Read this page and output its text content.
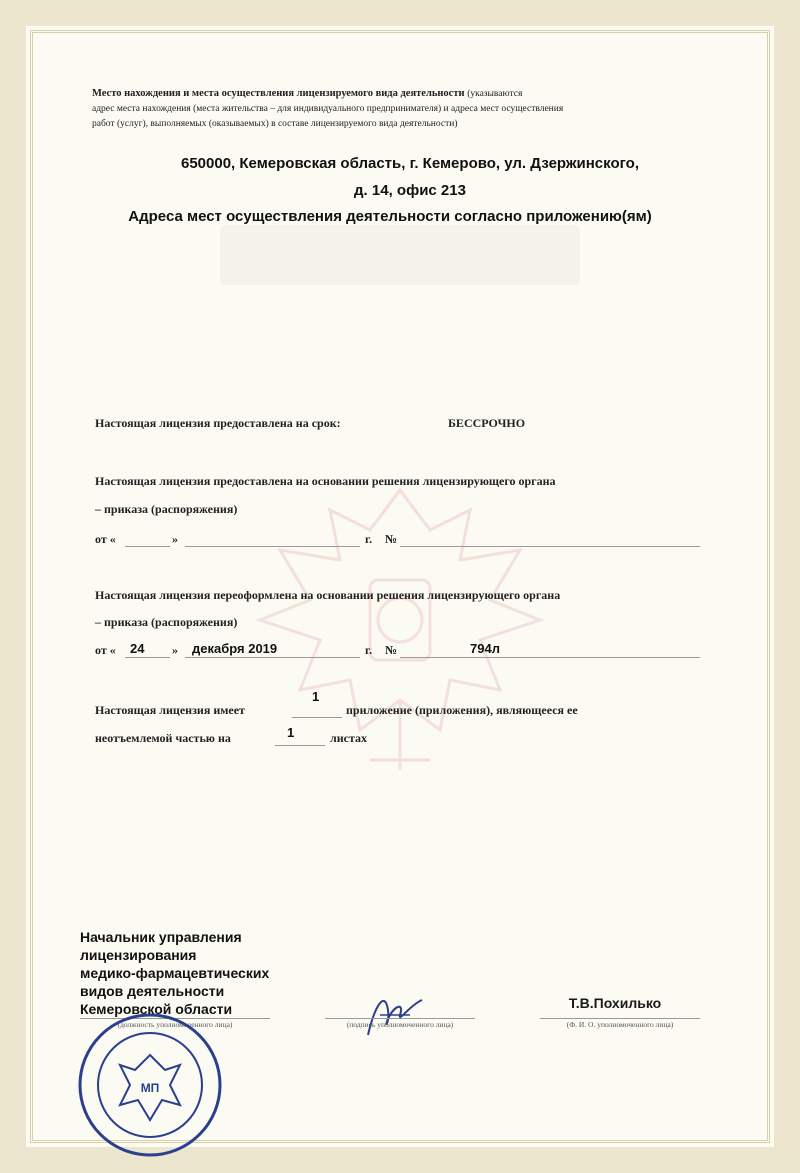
Место нахождения и места осуществления лицензируемого вида деятельности (указываются
адрес места нахождения (места жительства – для индивидуального предпринимателя) и адреса мест осуществления
работ (услуг), выполняемых (оказываемых) в составе лицензируемого вида деятельности)
650000, Кемеровская область, г. Кемерово, ул. Дзержинского,
д. 14, офис 213
Адреса мест осуществления деятельности согласно приложению(ям)
Настоящая лицензия предоставлена на срок:	БЕССРОЧНО
Настоящая лицензия предоставлена на основании решения лицензирующего органа
– приказа (распоряжения)
от «	»	г. №
Настоящая лицензия переоформлена на основании решения лицензирующего органа
– приказа (распоряжения)
от « 24 » декабря 2019	г. №	794л
Настоящая лицензия имеет
1
приложение (приложения), являющееся ее
неотъемлемой частью на	1	листах
Начальник управления
лицензирования
медико-фармацевтических
видов деятельности
Кемеровской области
(должность уполномоченного лица)	(подпись уполномоченного лица)
Т.В.Похилько
(Ф. И. О. уполномоченного лица)
МП
